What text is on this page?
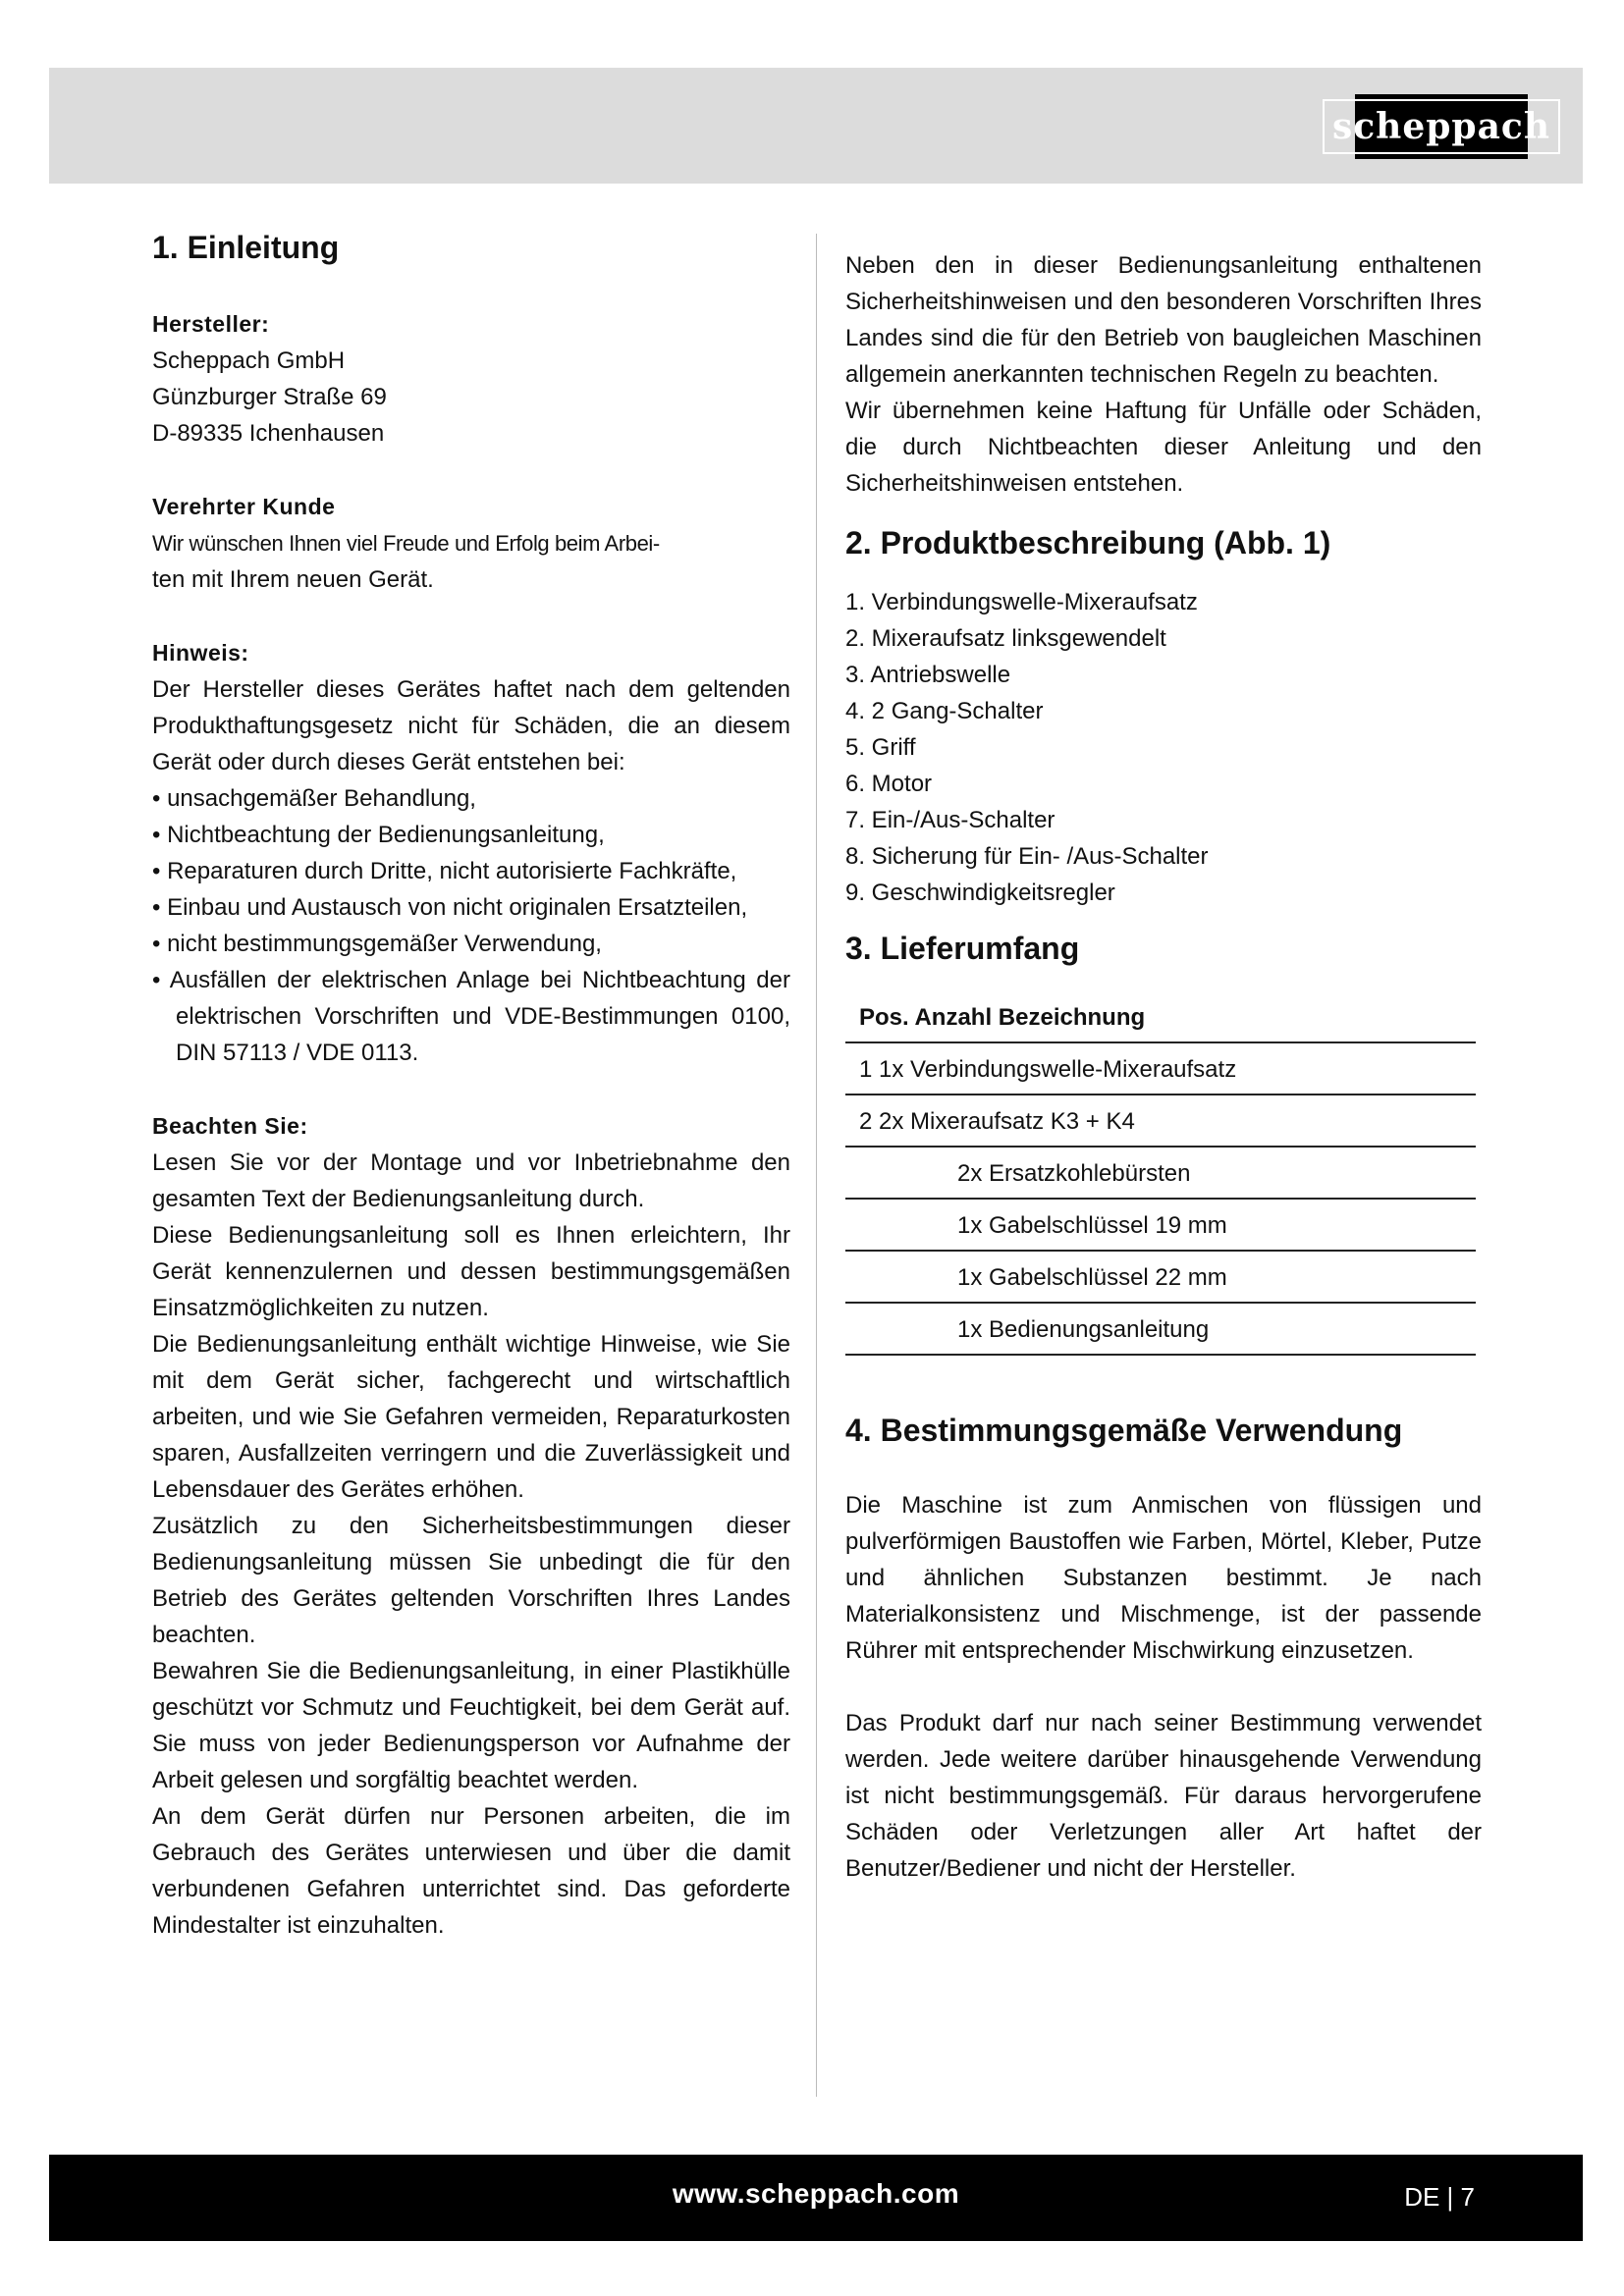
scheppach
1. Einleitung
Hersteller:

Scheppach GmbH

Günzburger Straße 69

D-89335 Ichenhausen

Verehrter Kunde

Wir wünschen Ihnen viel Freude und Erfolg beim Arbei-

ten mit Ihrem neuen Gerät.

Hinweis:

Der Hersteller dieses Gerätes haftet nach dem geltenden Produkthaftungsgesetz nicht für Schäden, die an diesem Gerät oder durch dieses Gerät entstehen bei:

• unsachgemäßer Behandlung,
• Nichtbeachtung der Bedienungsanleitung,
• Reparaturen durch Dritte, nicht autorisierte Fachkräfte,
• Einbau und Austausch von nicht originalen Ersatzteilen,
• nicht bestimmungsgemäßer Verwendung,
• Ausfällen der elektrischen Anlage bei Nichtbeachtung der elektrischen Vorschriften und VDE-Bestimmungen 0100, DIN 57113 / VDE 0113.
Beachten Sie:

Lesen Sie vor der Montage und vor Inbetriebnahme den gesamten Text der Bedienungsanleitung durch.

Diese Bedienungsanleitung soll es Ihnen erleichtern, Ihr Gerät kennenzulernen und dessen bestimmungsgemäßen Einsatzmöglichkeiten zu nutzen.

Die Bedienungsanleitung enthält wichtige Hinweise, wie Sie mit dem Gerät sicher, fachgerecht und wirtschaftlich arbeiten, und wie Sie Gefahren vermeiden, Reparaturkosten sparen, Ausfallzeiten verringern und die Zuverlässigkeit und Lebensdauer des Gerätes erhöhen.

Zusätzlich zu den Sicherheitsbestimmungen dieser Bedienungsanleitung müssen Sie unbedingt die für den Betrieb des Gerätes geltenden Vorschriften Ihres Landes beachten.

Bewahren Sie die Bedienungsanleitung, in einer Plastikhülle geschützt vor Schmutz und Feuchtigkeit, bei dem Gerät auf. Sie muss von jeder Bedienungsperson vor Aufnahme der Arbeit gelesen und sorgfältig beachtet werden.

An dem Gerät dürfen nur Personen arbeiten, die im Gebrauch des Gerätes unterwiesen und über die damit verbundenen Gefahren unterrichtet sind. Das geforderte Mindestalter ist einzuhalten.

Neben den in dieser Bedienungsanleitung enthaltenen Sicherheitshinweisen und den besonderen Vorschriften Ihres Landes sind die für den Betrieb von baugleichen Maschinen allgemein anerkannten technischen Regeln zu beachten.

Wir übernehmen keine Haftung für Unfälle oder Schäden, die durch Nichtbeachten dieser Anleitung und den Sicherheitshinweisen entstehen.

2. Produktbeschreibung (Abb. 1)
1. Verbindungswelle-Mixeraufsatz
2. Mixeraufsatz linksgewendelt
3. Antriebswelle
4. 2 Gang-Schalter
5. Griff
6. Motor
7. Ein-/Aus-Schalter
8. Sicherung für Ein- /Aus-Schalter
9. Geschwindigkeitsregler
3. Lieferumfang
Pos. Anzahl Bezeichnung
1 1x Verbindungswelle-Mixeraufsatz
2 2x Mixeraufsatz K3 + K4
2x Ersatzkohlebürsten
1x Gabelschlüssel 19 mm
1x Gabelschlüssel 22 mm
1x Bedienungsanleitung
4. Bestimmungsgemäße Verwendung

Die Maschine ist zum Anmischen von flüssigen und pulverförmigen Baustoffen wie Farben, Mörtel, Kleber, Putze und ähnlichen Substanzen bestimmt. Je nach Materialkonsistenz und Mischmenge, ist der passende Rührer mit entsprechender Mischwirkung einzusetzen.

Das Produkt darf nur nach seiner Bestimmung verwendet werden. Jede weitere darüber hinausgehende Verwendung ist nicht bestimmungsgemäß. Für daraus hervorgerufene Schäden oder Verletzungen aller Art haftet der Benutzer/Bediener und nicht der Hersteller.

www.scheppach.com	DE | 7
